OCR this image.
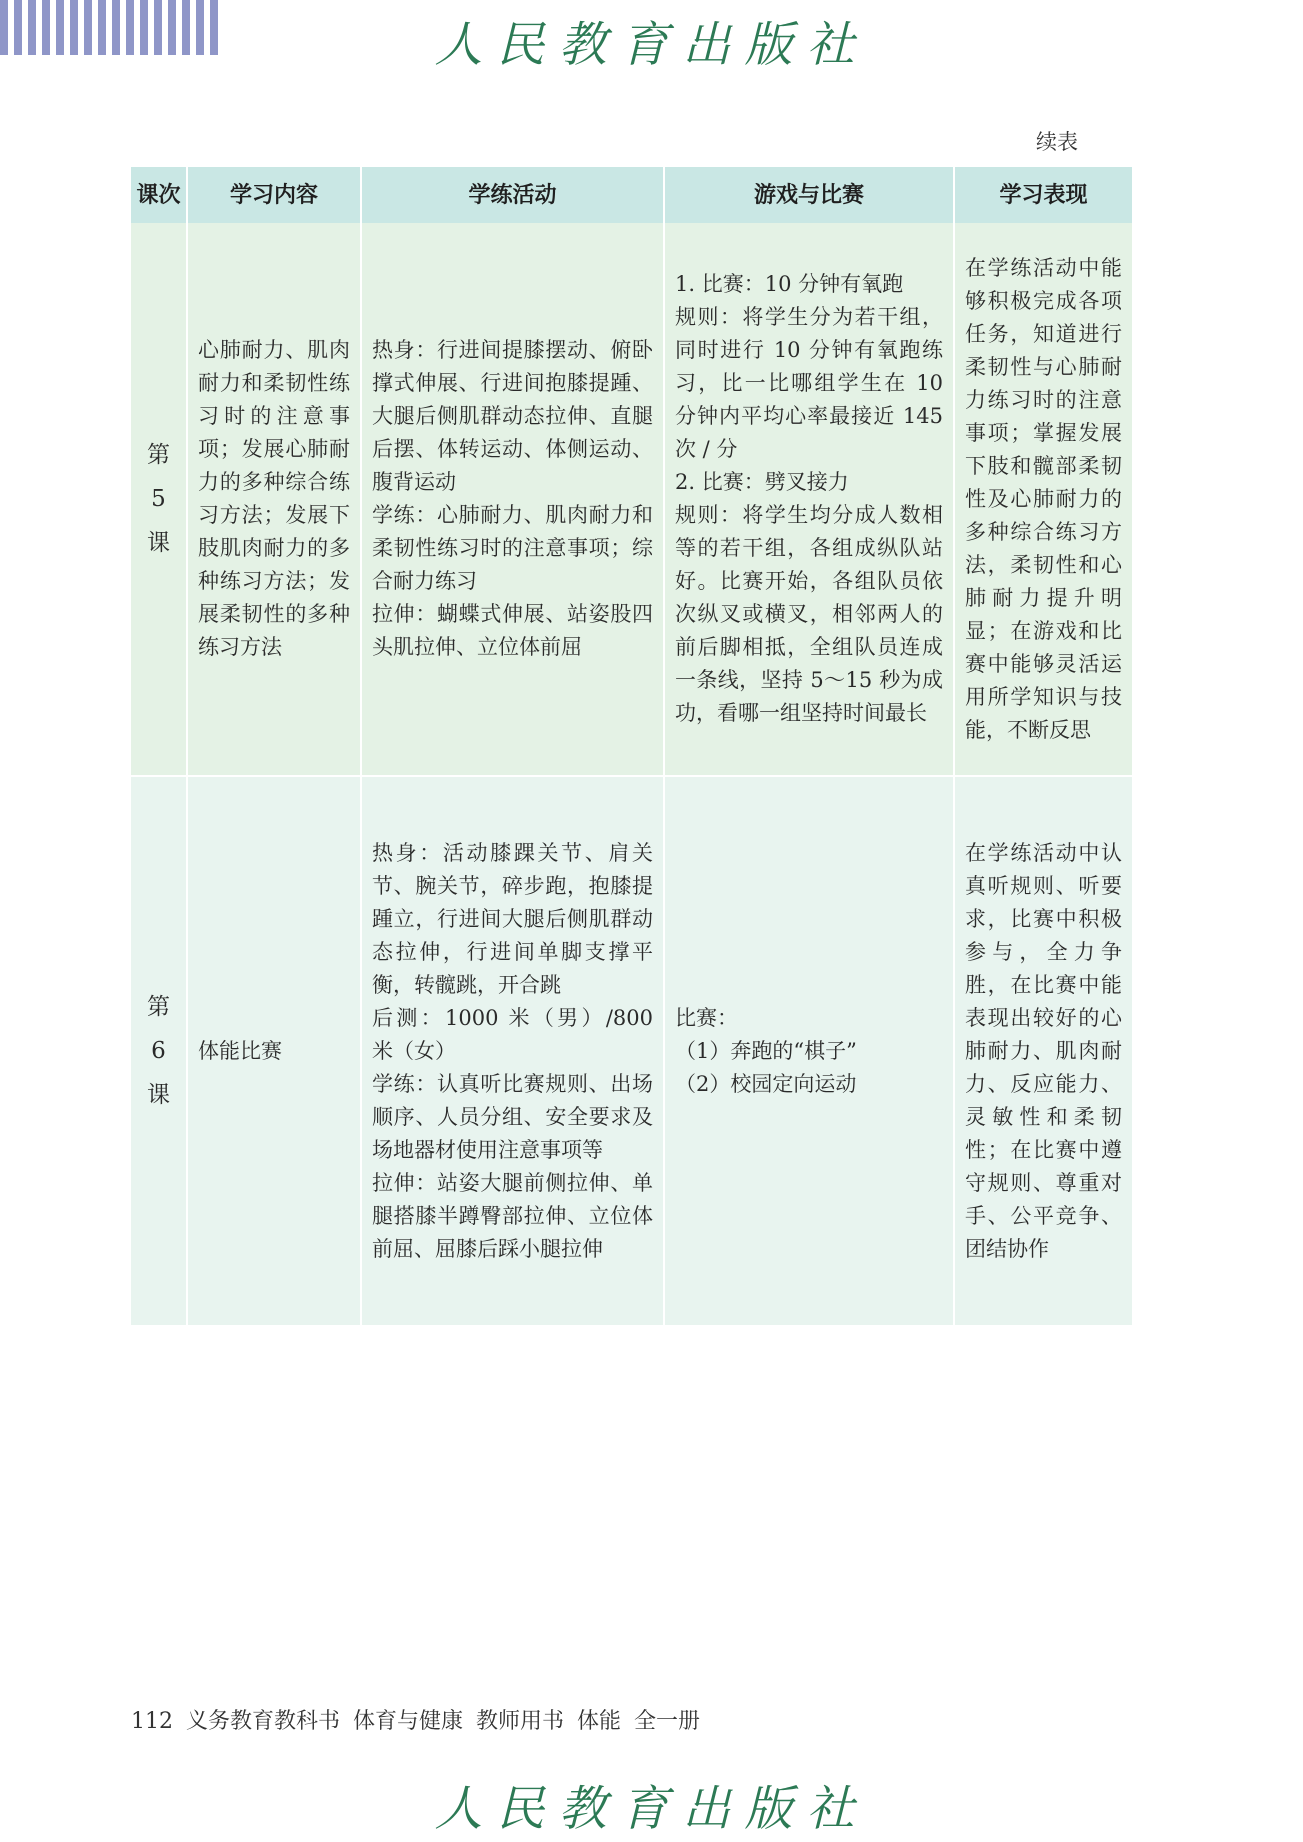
人民教育出版社
续表
课次	学习内容	学练活动	游戏与比赛	学习表现
第
5
课	心肺耐力、肌肉耐力和柔韧性练习时的注意事项；发展心肺耐力的多种综合练习方法；发展下肢肌肉耐力的多种练习方法；发展柔韧性的多种练习方法	热身：行进间提膝摆动、俯卧撑式伸展、行进间抱膝提踵、大腿后侧肌群动态拉伸、直腿后摆、体转运动、体侧运动、腹背运动
学练：心肺耐力、肌肉耐力和柔韧性练习时的注意事项；综合耐力练习
拉伸：蝴蝶式伸展、站姿股四头肌拉伸、立位体前屈	1. 比赛：10 分钟有氧跑
规则：将学生分为若干组，同时进行 10 分钟有氧跑练习，比一比哪组学生在 10 分钟内平均心率最接近 145 次 / 分
2. 比赛：劈叉接力
规则：将学生均分成人数相等的若干组，各组成纵队站好。比赛开始，各组队员依次纵叉或横叉，相邻两人的前后脚相抵，全组队员连成一条线，坚持 5～15 秒为成功，看哪一组坚持时间最长	在学练活动中能够积极完成各项任务，知道进行柔韧性与心肺耐力练习时的注意事项；掌握发展下肢和髋部柔韧性及心肺耐力的多种综合练习方法，柔韧性和心肺耐力提升明显；在游戏和比赛中能够灵活运用所学知识与技能，不断反思
第
6
课	体能比赛	热身：活动膝踝关节、肩关节、腕关节，碎步跑，抱膝提踵立，行进间大腿后侧肌群动态拉伸，行进间单脚支撑平衡，转髋跳，开合跳
后测：1000 米（男）/800 米（女）
学练：认真听比赛规则、出场顺序、人员分组、安全要求及场地器材使用注意事项等
拉伸：站姿大腿前侧拉伸、单腿搭膝半蹲臀部拉伸、立位体前屈、屈膝后踩小腿拉伸	比赛：
（1）奔跑的“棋子”
（2）校园定向运动	在学练活动中认真听规则、听要求，比赛中积极参与，全力争胜，在比赛中能表现出较好的心肺耐力、肌肉耐力、反应能力、灵敏性和柔韧性；在比赛中遵守规则、尊重对手、公平竞争、团结协作
112 义务教育教科书 体育与健康 教师用书 体能 全一册
人民教育出版社
